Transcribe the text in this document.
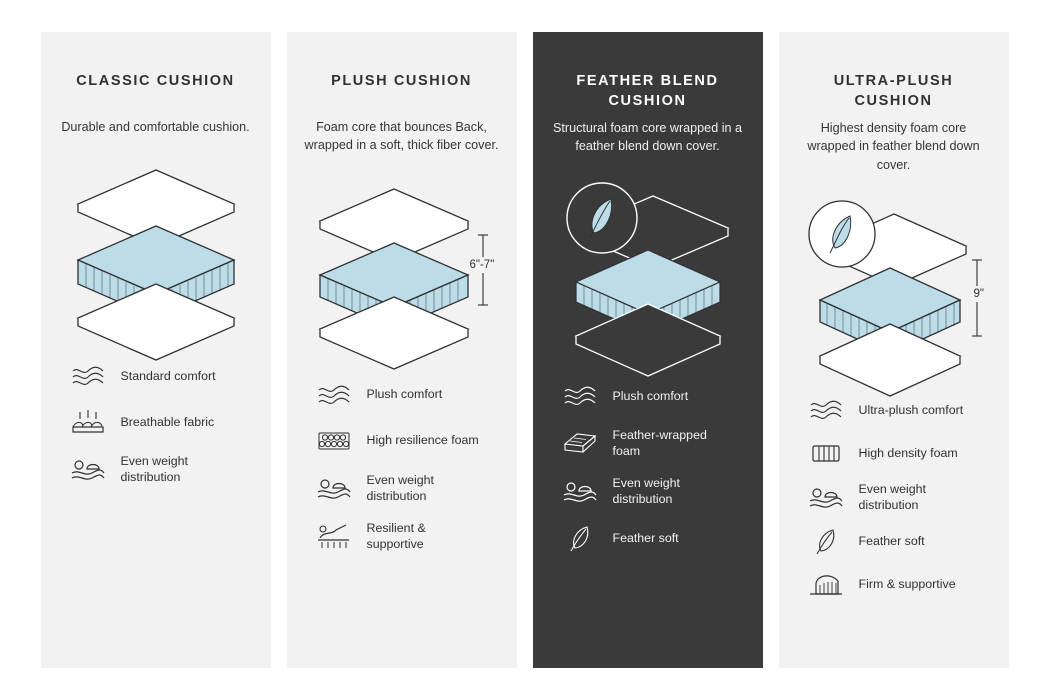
CLASSIC CUSHION
Durable and comfortable cushion.
Standard comfort
Breathable fabric
Even weight distribution
PLUSH CUSHION
Foam core that bounces Back, wrapped in a soft, thick fiber cover.
6"-7"
Plush comfort
High resilience foam
Even weight distribution
Resilient & supportive
FEATHER BLEND CUSHION
Structural foam core wrapped in a feather blend down cover.
Plush comfort
Feather-wrapped foam
Even weight distribution
Feather soft
ULTRA-PLUSH CUSHION
Highest density foam core wrapped in feather blend down cover.
9"
Ultra-plush comfort
High density foam
Even weight distribution
Feather soft
Firm & supportive
